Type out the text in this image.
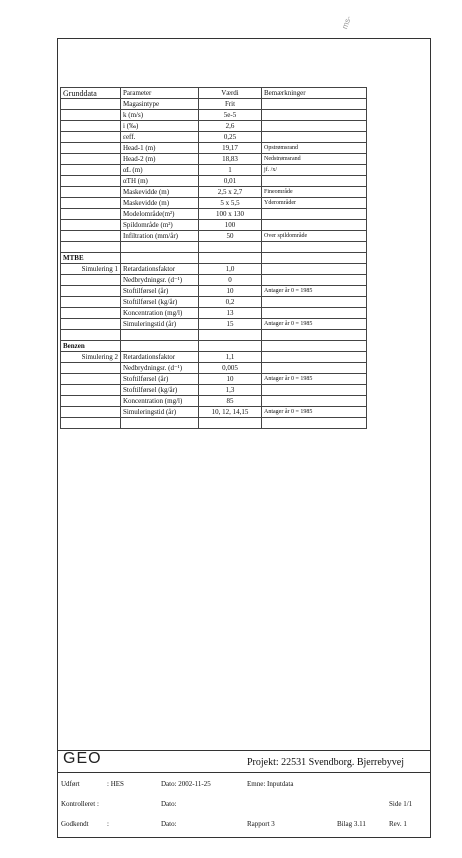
ms-
Grunddata	Parameter	Værdi	Bemærkninger
	Magasintype	Frit	
	k (m/s)	5e-5	
	i (‰)	2,6	
	εeff.	0,25	
	Head-1 (m)	19,17	Opstrømsrand
	Head-2 (m)	18,83	Nedstrømsrand
	αL (m)	1	jf. /x/
	αTH (m)	0,01	
	Maskevidde (m)	2,5 x 2,7	Fineområde
	Maskevidde (m)	5 x 5,5	Yderområder
	Modelområde(m²)	100 x 130	
	Spildområde (m²)	100	
	Infiltration (mm/år)	50	Over spildområde

MTBE			
Simulering 1	Retardationsfaktor	1,0	
	Nedbrydningsr. (d⁻¹)	0	
	Stoftilførsel (år)	10	Antager år 0 = 1985
	Stoftilførsel (kg/år)	0,2	
	Koncentration (mg/l)	13	
	Simuleringstid (år)	15	Antager år 0 = 1985

Benzen			
Simulering 2	Retardationsfaktor	1,1	
	Nedbrydningsr. (d⁻¹)	0,005	
	Stoftilførsel (år)	10	Antager år 0 = 1985
	Stoftilførsel (kg/år)	1,3	
	Koncentration (mg/l)	85	
	Simuleringstid (år)	10, 12, 14,15	Antager år 0 = 1985

GEO	Projekt: 22531 Svendborg. Bjerrebyvej
Udført	: HES	Dato: 2002-11-25	Emne: Inputdata
Kontrolleret :	Dato:	Side 1/1
Godkendt	:	Dato:	Rapport 3	Bilag 3.11	Rev. 1
